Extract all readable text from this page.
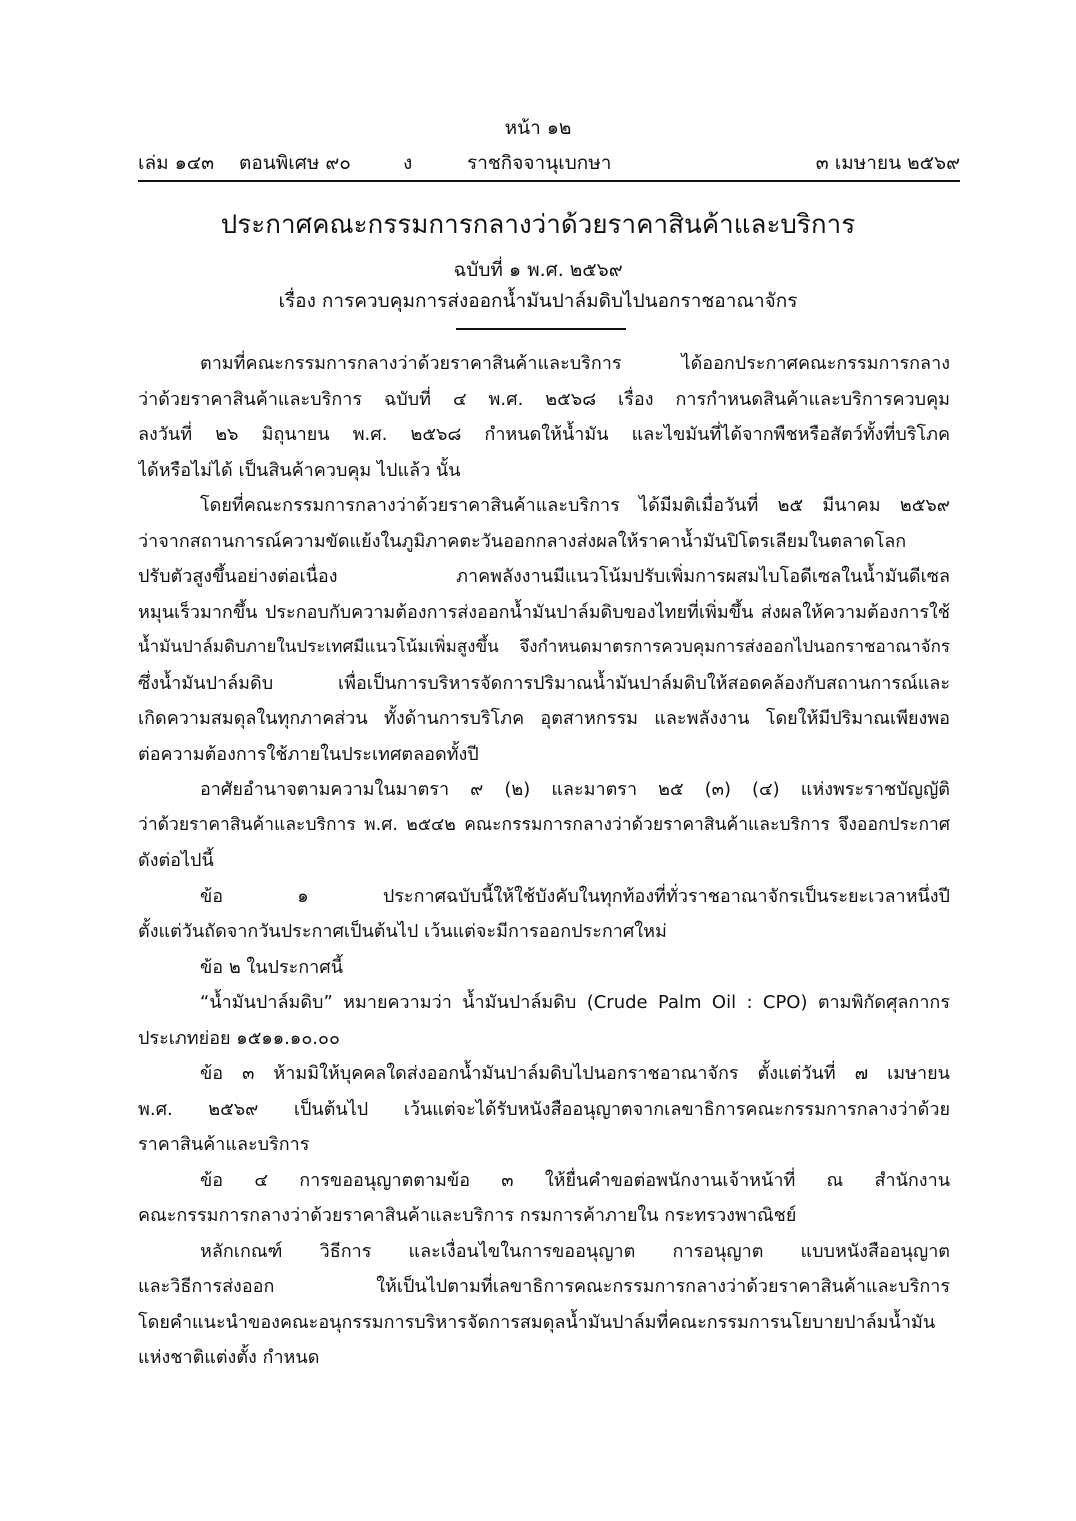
หน้า ๑๒
เล่ม ๑๔๓ ตอนพิเศษ ๙๐	ง	ราชกิจจานุเบกษา	๓ เมษายน ๒๕๖๙
ประกาศคณะกรรมการกลางว่าด้วยราคาสินค้าและบริการ
ฉบับที่ ๑ พ.ศ. ๒๕๖๙
เรื่อง การควบคุมการส่งออกน้ำมันปาล์มดิบไปนอกราชอาณาจักร
ตามที่คณะกรรมการกลางว่าด้วยราคาสินค้าและบริการ ได้ออกประกาศคณะกรรมการกลาง
ว่าด้วยราคาสินค้าและบริการ ฉบับที่ ๔ พ.ศ. ๒๕๖๘ เรื่อง การกำหนดสินค้าและบริการควบคุม
ลงวันที่ ๒๖ มิถุนายน พ.ศ. ๒๕๖๘ กำหนดให้น้ำมัน และไขมันที่ได้จากพืชหรือสัตว์ทั้งที่บริโภค
ได้หรือไม่ได้ เป็นสินค้าควบคุม ไปแล้ว นั้น
โดยที่คณะกรรมการกลางว่าด้วยราคาสินค้าและบริการ ได้มีมติเมื่อวันที่ ๒๕ มีนาคม ๒๕๖๙
ว่าจากสถานการณ์ความขัดแย้งในภูมิภาคตะวันออกกลางส่งผลให้ราคาน้ำมันปิโตรเลียมในตลาดโลก
ปรับตัวสูงขึ้นอย่างต่อเนื่อง ภาคพลังงานมีแนวโน้มปรับเพิ่มการผสมไบโอดีเซลในน้ำมันดีเซล
หมุนเร็วมากขึ้น ประกอบกับความต้องการส่งออกน้ำมันปาล์มดิบของไทยที่เพิ่มขึ้น ส่งผลให้ความต้องการใช้
น้ำมันปาล์มดิบภายในประเทศมีแนวโน้มเพิ่มสูงขึ้น จึงกำหนดมาตรการควบคุมการส่งออกไปนอกราชอาณาจักร
ซึ่งน้ำมันปาล์มดิบ เพื่อเป็นการบริหารจัดการปริมาณน้ำมันปาล์มดิบให้สอดคล้องกับสถานการณ์และ
เกิดความสมดุลในทุกภาคส่วน ทั้งด้านการบริโภค อุตสาหกรรม และพลังงาน โดยให้มีปริมาณเพียงพอ
ต่อความต้องการใช้ภายในประเทศตลอดทั้งปี
อาศัยอำนาจตามความในมาตรา ๙ (๒) และมาตรา ๒๕ (๓) (๔) แห่งพระราชบัญญัติ
ว่าด้วยราคาสินค้าและบริการ พ.ศ. ๒๕๔๒ คณะกรรมการกลางว่าด้วยราคาสินค้าและบริการ จึงออกประกาศ
ดังต่อไปนี้
ข้อ ๑ ประกาศฉบับนี้ให้ใช้บังคับในทุกท้องที่ทั่วราชอาณาจักรเป็นระยะเวลาหนึ่งปี
ตั้งแต่วันถัดจากวันประกาศเป็นต้นไป เว้นแต่จะมีการออกประกาศใหม่
ข้อ ๒ ในประกาศนี้
“น้ำมันปาล์มดิบ” หมายความว่า น้ำมันปาล์มดิบ (Crude Palm Oil : CPO) ตามพิกัดศุลกากร
ประเภทย่อย ๑๕๑๑.๑๐.๐๐
ข้อ ๓ ห้ามมิให้บุคคลใดส่งออกน้ำมันปาล์มดิบไปนอกราชอาณาจักร ตั้งแต่วันที่ ๗ เมษายน
พ.ศ. ๒๕๖๙ เป็นต้นไป เว้นแต่จะได้รับหนังสืออนุญาตจากเลขาธิการคณะกรรมการกลางว่าด้วย
ราคาสินค้าและบริการ
ข้อ ๔ การขออนุญาตตามข้อ ๓ ให้ยื่นคำขอต่อพนักงานเจ้าหน้าที่ ณ สำนักงาน
คณะกรรมการกลางว่าด้วยราคาสินค้าและบริการ กรมการค้าภายใน กระทรวงพาณิชย์
หลักเกณฑ์ วิธีการ และเงื่อนไขในการขออนุญาต การอนุญาต แบบหนังสืออนุญาต
และวิธีการส่งออก ให้เป็นไปตามที่เลขาธิการคณะกรรมการกลางว่าด้วยราคาสินค้าและบริการ
โดยคำแนะนำของคณะอนุกรรมการบริหารจัดการสมดุลน้ำมันปาล์มที่คณะกรรมการนโยบายปาล์มน้ำมัน
แห่งชาติแต่งตั้ง กำหนด
